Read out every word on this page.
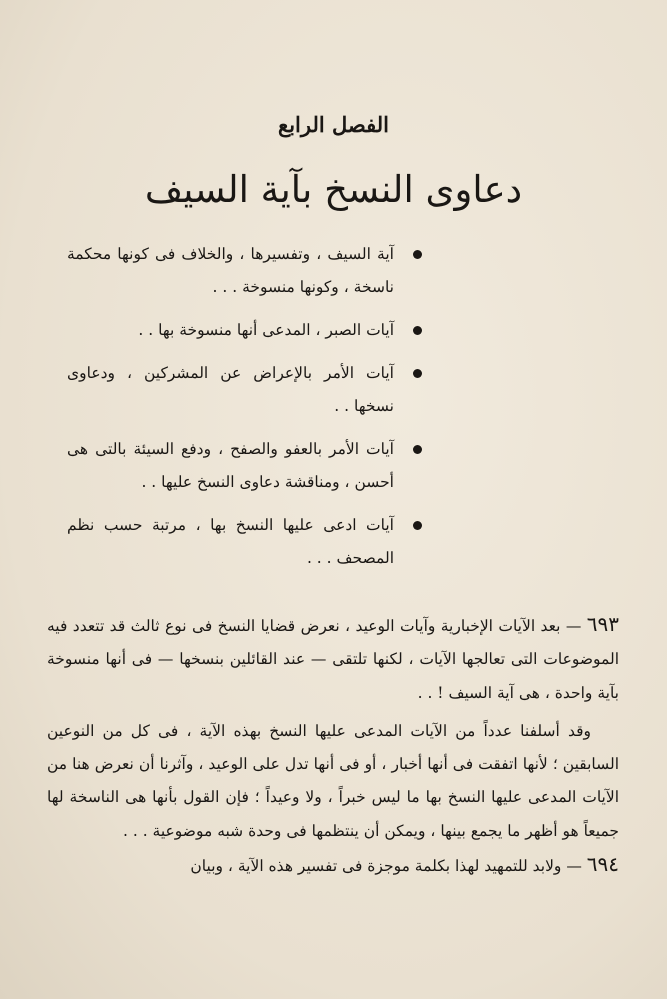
الفصل الرابع
دعاوى النسخ بآية السيف
آية السيف ، وتفسيرها ، والخلاف فى كونها محكمة ناسخة ، وكونها منسوخة . . .
آيات الصبر ، المدعى أنها منسوخة بها . .
آيات الأمر بالإعراض عن المشركين ، ودعاوى نسخها . .
آيات الأمر بالعفو والصفح ، ودفع السيئة بالتى هى أحسن ، ومناقشة دعاوى النسخ عليها . .
آيات ادعى عليها النسخ بها ، مرتبة حسب نظم المصحف . . .

٦٩٣ — بعد الآيات الإخبارية وآيات الوعيد ، نعرض قضايا النسخ فى نوع ثالث قد تتعدد فيه الموضوعات التى تعالجها الآيات ، لكنها تلتقى — عند القائلين بنسخها — فى أنها منسوخة بآية واحدة ، هى آية السيف ! . .

وقد أسلفنا عدداً من الآيات المدعى عليها النسخ بهذه الآية ، فى كل من النوعين السابقين ؛ لأنها اتفقت فى أنها أخبار ، أو فى أنها تدل على الوعيد ، وآثرنا أن نعرض هنا من الآيات المدعى عليها النسخ بها ما ليس خبراً ، ولا وعيداً ؛ فإن القول بأنها هى الناسخة لها جميعاً هو أظهر ما يجمع بينها ، ويمكن أن ينتظمها فى وحدة شبه موضوعية . . .

٦٩٤ — ولابد للتمهيد لهذا بكلمة موجزة فى تفسير هذه الآية ، وبيان
